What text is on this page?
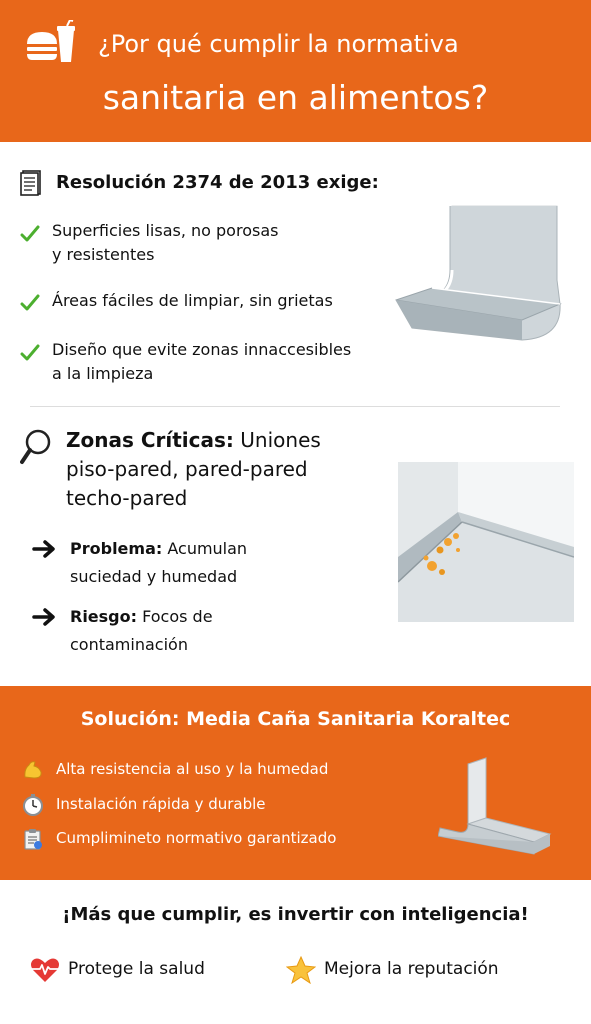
¿Por qué cumplir la normativa
sanitaria en alimentos?
Resolución 2374 de 2013 exige:
Superficies lisas, no porosas
y resistentes
Áreas fáciles de limpiar, sin grietas
Diseño que evite zonas innaccesibles
a la limpieza
Zonas Críticas: Uniones
piso-pared, pared-pared
techo-pared
Problema: Acumulan
suciedad y humedad
Riesgo: Focos de
contaminación
Solución: Media Caña Sanitaria Koraltec
Alta resistencia al uso y la humedad
Instalación rápida y durable
Cumplimineto normativo garantizado
¡Más que cumplir, es invertir con inteligencia!
Protege la salud	Mejora la reputación
